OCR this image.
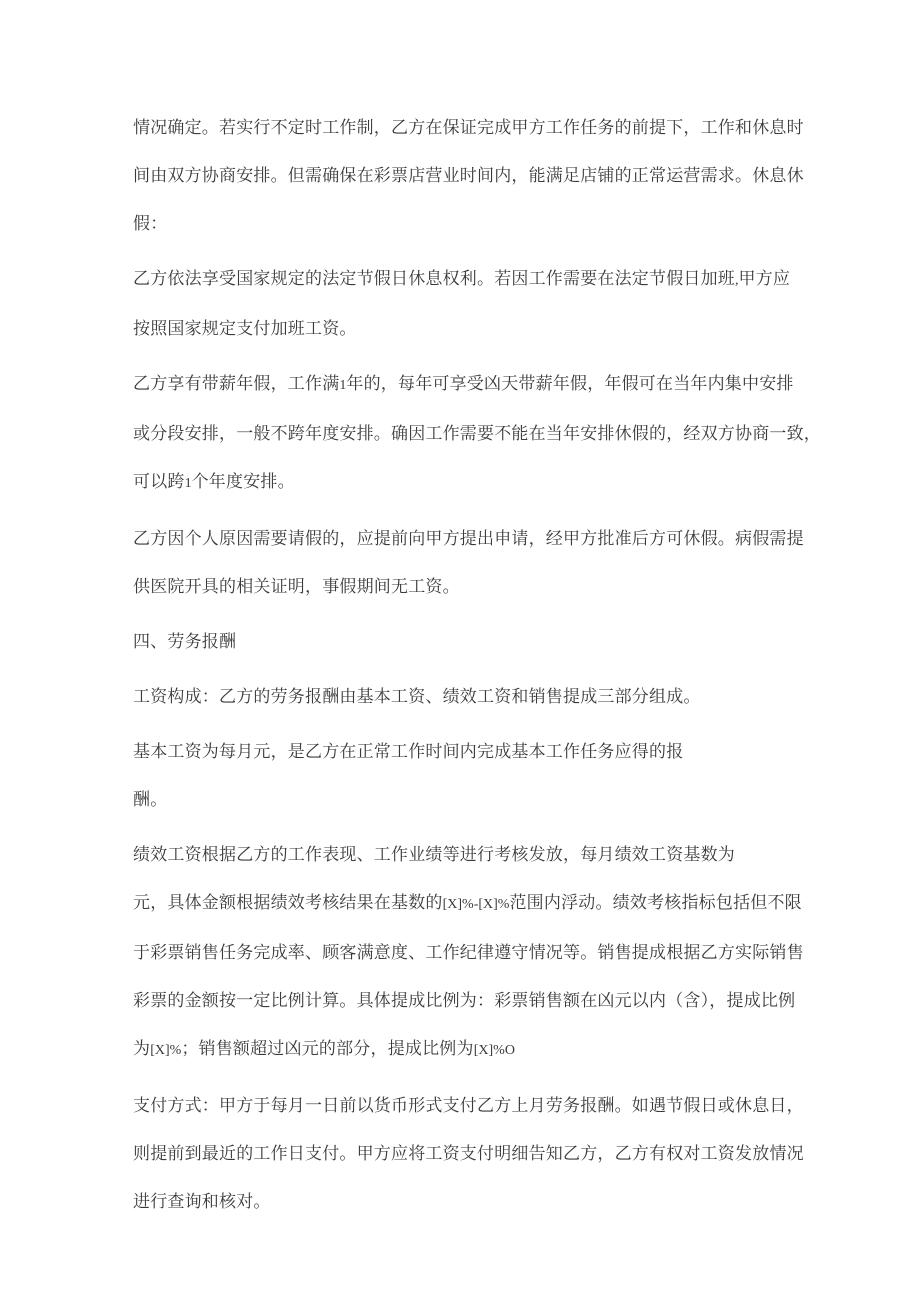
情况确定。若实行不定时工作制，乙方在保证完成甲方工作任务的前提下，工作和休息时
间由双方协商安排。但需确保在彩票店营业时间内，能满足店铺的正常运营需求。休息休
假：
乙方依法享受国家规定的法定节假日休息权利。若因工作需要在法定节假日加班,甲方应
按照国家规定支付加班工资。
乙方享有带薪年假，工作满1年的，每年可享受凶天带薪年假，年假可在当年内集中安排
或分段安排，一般不跨年度安排。确因工作需要不能在当年安排休假的，经双方协商一致，
可以跨1个年度安排。
乙方因个人原因需要请假的，应提前向甲方提出申请，经甲方批准后方可休假。病假需提
供医院开具的相关证明，事假期间无工资。
四、劳务报酬
工资构成：乙方的劳务报酬由基本工资、绩效工资和销售提成三部分组成。
基本工资为每月元，是乙方在正常工作时间内完成基本工作任务应得的报
酬。
绩效工资根据乙方的工作表现、工作业绩等进行考核发放，每月绩效工资基数为
元，具体金额根据绩效考核结果在基数的[X]%-[X]%范围内浮动。绩效考核指标包括但不限
于彩票销售任务完成率、顾客满意度、工作纪律遵守情况等。销售提成根据乙方实际销售
彩票的金额按一定比例计算。具体提成比例为：彩票销售额在凶元以内（含），提成比例
为[X]%；销售额超过凶元的部分，提成比例为[X]%O
支付方式：甲方于每月一日前以货币形式支付乙方上月劳务报酬。如遇节假日或休息日，
则提前到最近的工作日支付。甲方应将工资支付明细告知乙方，乙方有权对工资发放情况
进行查询和核对。
